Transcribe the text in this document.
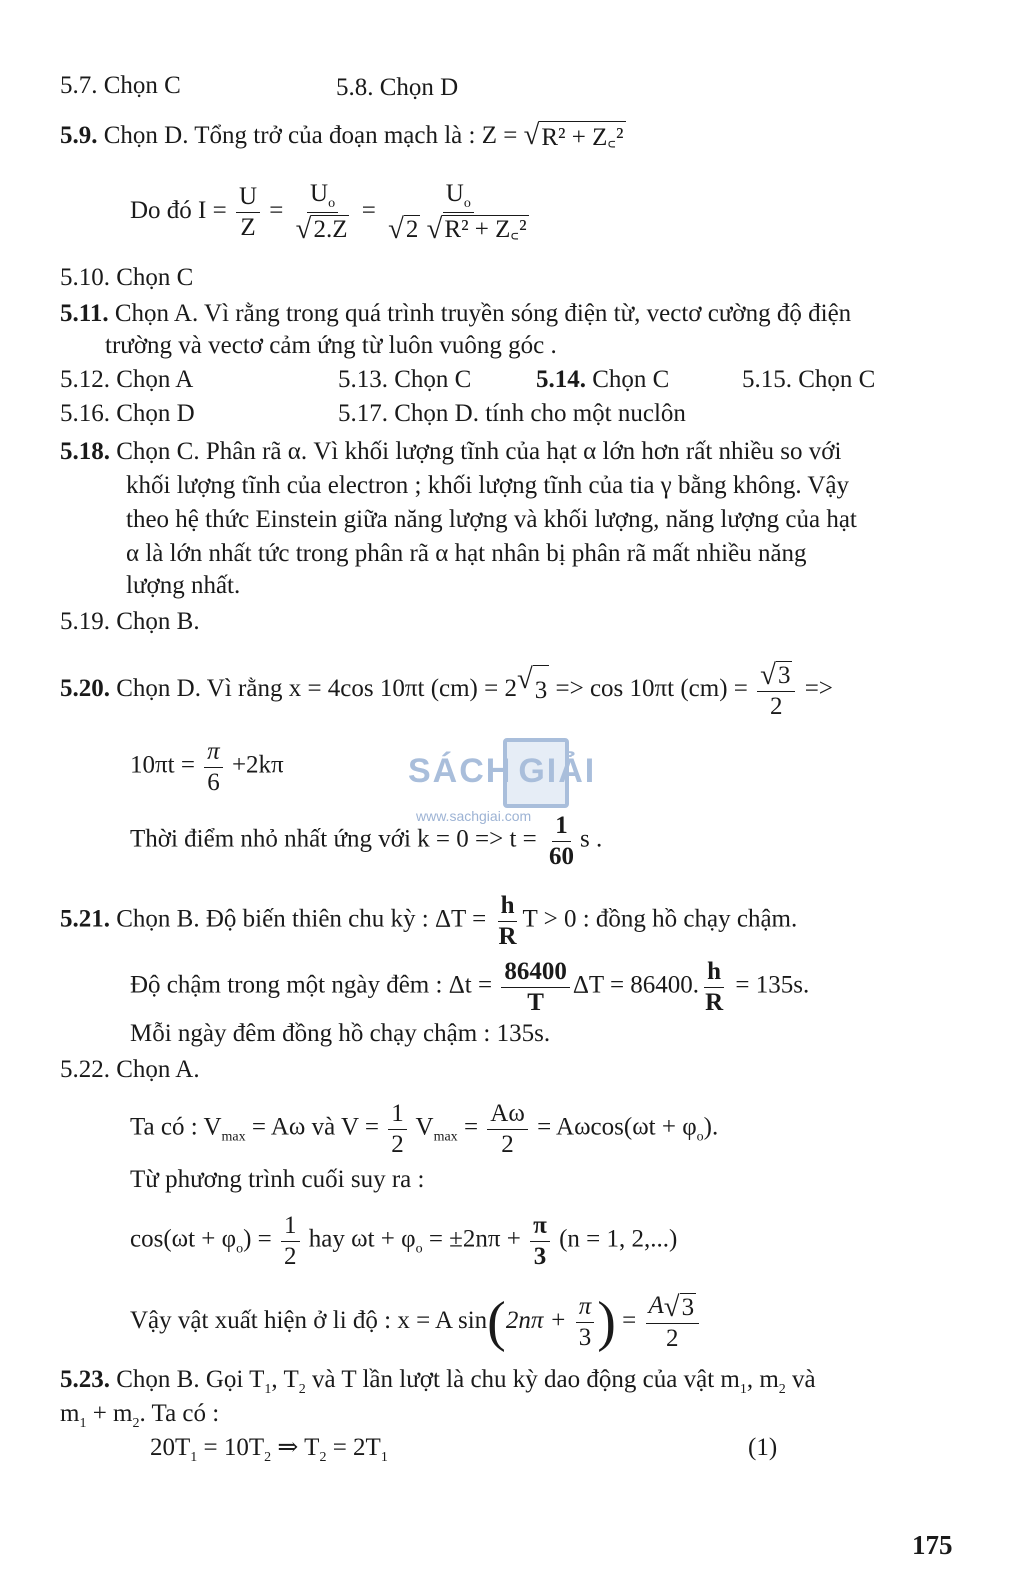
5.7. Chọn C	5.8. Chọn D
5.9. Chọn D. Tổng trở của đoạn mạch là : Z = √ R² + Z꜀²
Do đó $I = \frac{U}{Z} = \frac{U_o}{√ 2.Z} = U_o$
√ 2
√ R² + Z꜀²
5.10. Chọn C
5.11. Chọn A. Vì rằng trong quá trình truyền sóng điện từ, vectơ cường độ điện
trường và vectơ cảm ứng từ luôn vuông góc .
5.12. Chọn A	5.13. Chọn C	5.14. Chọn C	5.15. Chọn C
5.16. Chọn D	5.17. Chọn D. tính cho một nuclôn
5.18. Chọn C. Phân rã α. Vì khối lượng tĩnh của hạt α lớn hơn rất nhiều so với
khối lượng tĩnh của electron ; khối lượng tĩnh của tia γ bằng không. Vậy
theo hệ thức Einstein giữa năng lượng và khối lượng, năng lượng của hạt
α là lớn nhất tức trong phân rã α hạt nhân bị phân rã mất nhiều năng
lượng nhất.
5.19. Chọn B.
5.20. Chọn D. Vì rằng x = 4cos 10πt (cm) = 2 √ 3 => cos 10πt $(cm) = \frac{√ 3}{2}$ =>
$10\pi t = \frac{\pi}{6} +2k\pi$
Thời điểm nhỏ nhất ứng với $k = 0 => t = \frac{1}{60}$ s .
5.21. Chọn B. Độ biến thiên chu kỳ : $\Delta T = \frac{h}{R}$ T > 0 : đồng hồ chạy chậm.
Độ chậm trong một ngày đêm : $\Delta t = \frac{86400}{T}$ ΔT = 86400. $\frac{h}{R} = 135s$.
Mỗi ngày đêm đồng hồ chạy chậm : 135s.
5.22. Chọn A.
Ta có : $V_{max} = A\omega$ và $V = \frac{1}{2} V_{max} = \frac{A\omega}{2} = A\omega\cos(\omega t + \varphi_o)$.
Từ phương trình cuối suy ra :
$\cos(\omega t + \varphi_o) = \frac{1}{2}$ hay $\omega t + \varphi_o = \pm 2n\pi + \frac{\pi}{3} (n = 1$, 2,...)
Vậy vật xuất hiện ở li độ : x = A $\sin(2n\pi + \frac{\pi}{3}$ ) = $\frac{A √ 3}{2}$
5.23. Chọn B. Gọi $T_1$, $T_2$ và T lần lượt là chu kỳ dao động của vật $m_1$, $m_2$ và
$m_1 + m_2$. Ta có :
$20T_1 = 10T_2$ ⇒ $T_2 = 2T_1$	(1)
SÁCH GIẢI
www.sachgiai.com
175
